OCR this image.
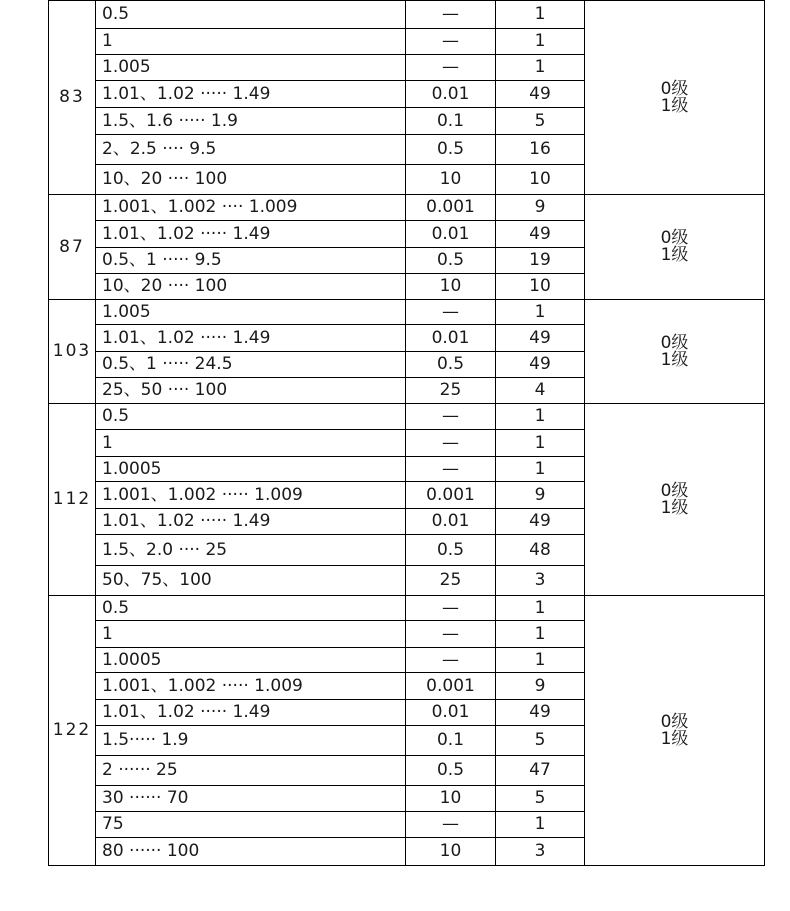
83	0.5	—	1	0级
1级

	1	—	1	
	1.005	—	1	
	1.01、1.02 ····· 1.49	0.01	49	
	1.5、1.6 ····· 1.9	0.1	5	
	2、2.5 ···· 9.5	0.5	16	
	10、20 ···· 100	10	10	
87	1.001、1.002 ···· 1.009	0.001	9	0级
1级

	1.01、1.02 ····· 1.49	0.01	49	
	0.5、1 ····· 9.5	0.5	19	
	10、20 ···· 100	10	10	
103	1.005	—	1	0级
1级

	1.01、1.02 ····· 1.49	0.01	49	
	0.5、1 ····· 24.5	0.5	49	
	25、50 ···· 100	25	4	
112	0.5	—	1	0级
1级

	1	—	1	
	1.0005	—	1	
	1.001、1.002 ····· 1.009	0.001	9	
	1.01、1.02 ····· 1.49	0.01	49	
	1.5、2.0 ···· 25	0.5	48	
	50、75、100	25	3	
122	0.5	—	1	0级
1级

	1	—	1	
	1.0005	—	1	
	1.001、1.002 ····· 1.009	0.001	9	
	1.01、1.02 ····· 1.49	0.01	49	
	1.5····· 1.9	0.1	5	
	2 ······ 25	0.5	47	
	30 ······ 70	10	5	
	75	—	1	
	80 ······ 100	10	3	
